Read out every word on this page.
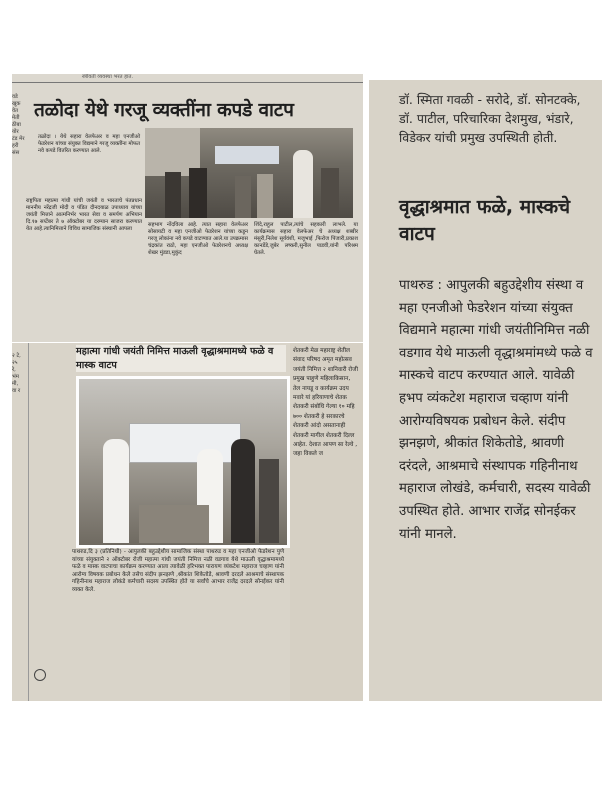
स्त्रीवती व्यवस्था भरत हात.
वडे खूक वेत मेती ठीबा योर टंड मेर हरी संस
तळोदा येथे गरजू व्यक्तींना कपडे वाटप
तळोदा । येथे सहारा वेलफेअर व महा एनजीओ फेडरेशन यांच्या संयुक्त विद्यमाने गरजू व्यक्तींना मोफत नवे कपडे वितरित करण्यात आले.
राष्ट्रपिता महात्मा गांधी यांची जयंती व भारताचे पंतप्रधान माननीय नरेंद्रजी मोदी व पंडित दीनदयाळ उपाध्याय यांच्या जयंती मित्ताने आत्मनिर्भर भारत सेवा व समर्पण अभियान दि.१७ सप्टेंबर ते ७ ऑक्टोबर या दरम्यान साजरा करण्यात येत आहे.त्यानिमित्ताने विविध सामाजिक संस्थानी आपला
सहभाग नोंदविला आहे. त्यात सहारा वेलफेअर सोसायटी व महा एनजीओ फेडरेशन यांच्या कडून गरजू लोकांना नवे कपडे वाटण्यात आले.या उपक्रमास चंद्रकांत राठो, महा एनजीओ फेडरेशनचे अध्यक्ष शेखर मुंडडा,मुकुंद
शिंदे,राहुल पाटील,त्यांचे सहकारी लाभले. या कार्यक्रमास सहारा वेलफेअर चे अध्यक्ष शब्बीर मंसुरी,निलेश सूर्यवंशी, मजूभाई ,फिरोज पिंजारी,प्रकाश कानडेंडे,जुबेर लष्करी,सुनील पाडवी,यांनी परिश्रम घेतले.
२ टे, २५ रे, भंम मी, वा र
महात्मा गांधी जयंती निमित्त माऊली वृद्धाश्रमामध्ये फळे व मास्क वाटप
पाथरुड,दि ३ (प्रतिनिधी) - आपुलकी बहुउद्देशीय सामाजिक संस्था पाथरुड व महा एनजीओ फेडरेशन पुणे यांच्या संयुक्ताने २ ऑक्टोबर रोजी महात्मा गांधी जयंती निमित्त नळी वडगाव येथे माऊली वृद्धाश्रमामध्ये फळे व मास्क वाटपाचा कार्यक्रम करण्यात आला त्यावेळी हरिभक्त पारायण व्यंकटेश महाराज चव्हाण यांनी आरोग्य विषयक प्रबोधन केले तसेच संदीप झनझणे ,श्रीकांत शिकेतोडे, श्रावणी दरदले आश्रमाचे संस्थापक गहिनीनाथ महाराज लोकंडे कर्मचारी सदस्य उपस्थित होते या सर्वांचे आभार राजेंद्र दरदले सोनईकर यांनी व्यक्त केले.
शेतकरी मेळ महाराष्ट्र शेतील संवाद परिषद अमृत महोत्सव जयंती निमित्त २ शानिवारी रोजी प्रमुख पाहुणे महिलाकिसान, तेल नायडू व कार्यक्रम उदय मवारे यां हरियाणाचे शेतक शेतकरी संबोधि गेल्या १० महि ७०० शेतकरी हे सरकारचे शेतकरी आंदो असतानाही शेतकरी मागील शेतकरी दिल्ल आहेत. देशात आपण सा रेल्वे , जहा विकले ज
डॉ. स्मिता गवळी - सरोदे, डॉ. सोनटक्के, डॉ. पाटील, परिचारिका देशमुख, भंडारे, विडेकर यांची प्रमुख उपस्थिती होती.
वृद्धाश्रमात फळे, मास्कचे वाटप
पाथरुड : आपुलकी बहुउद्देशीय संस्था व महा एनजीओ फेडरेशन यांच्या संयुक्त विद्यमाने महात्मा गांधी जयंतीनिमित्त नळी वडगाव येथे माऊली वृद्धाश्रमांमध्ये फळे व मास्कचे वाटप करण्यात आले. यावेळी हभप व्यंकटेश महाराज चव्हाण यांनी आरोग्यविषयक प्रबोधन केले. संदीप झनझणे, श्रीकांत शिकेतोडे, श्रावणी दरंदले, आश्रमाचे संस्थापक गहिनीनाथ महाराज लोखंडे, कर्मचारी, सदस्य यावेळी उपस्थित होते. आभार राजेंद्र सोनईकर यांनी मानले.
